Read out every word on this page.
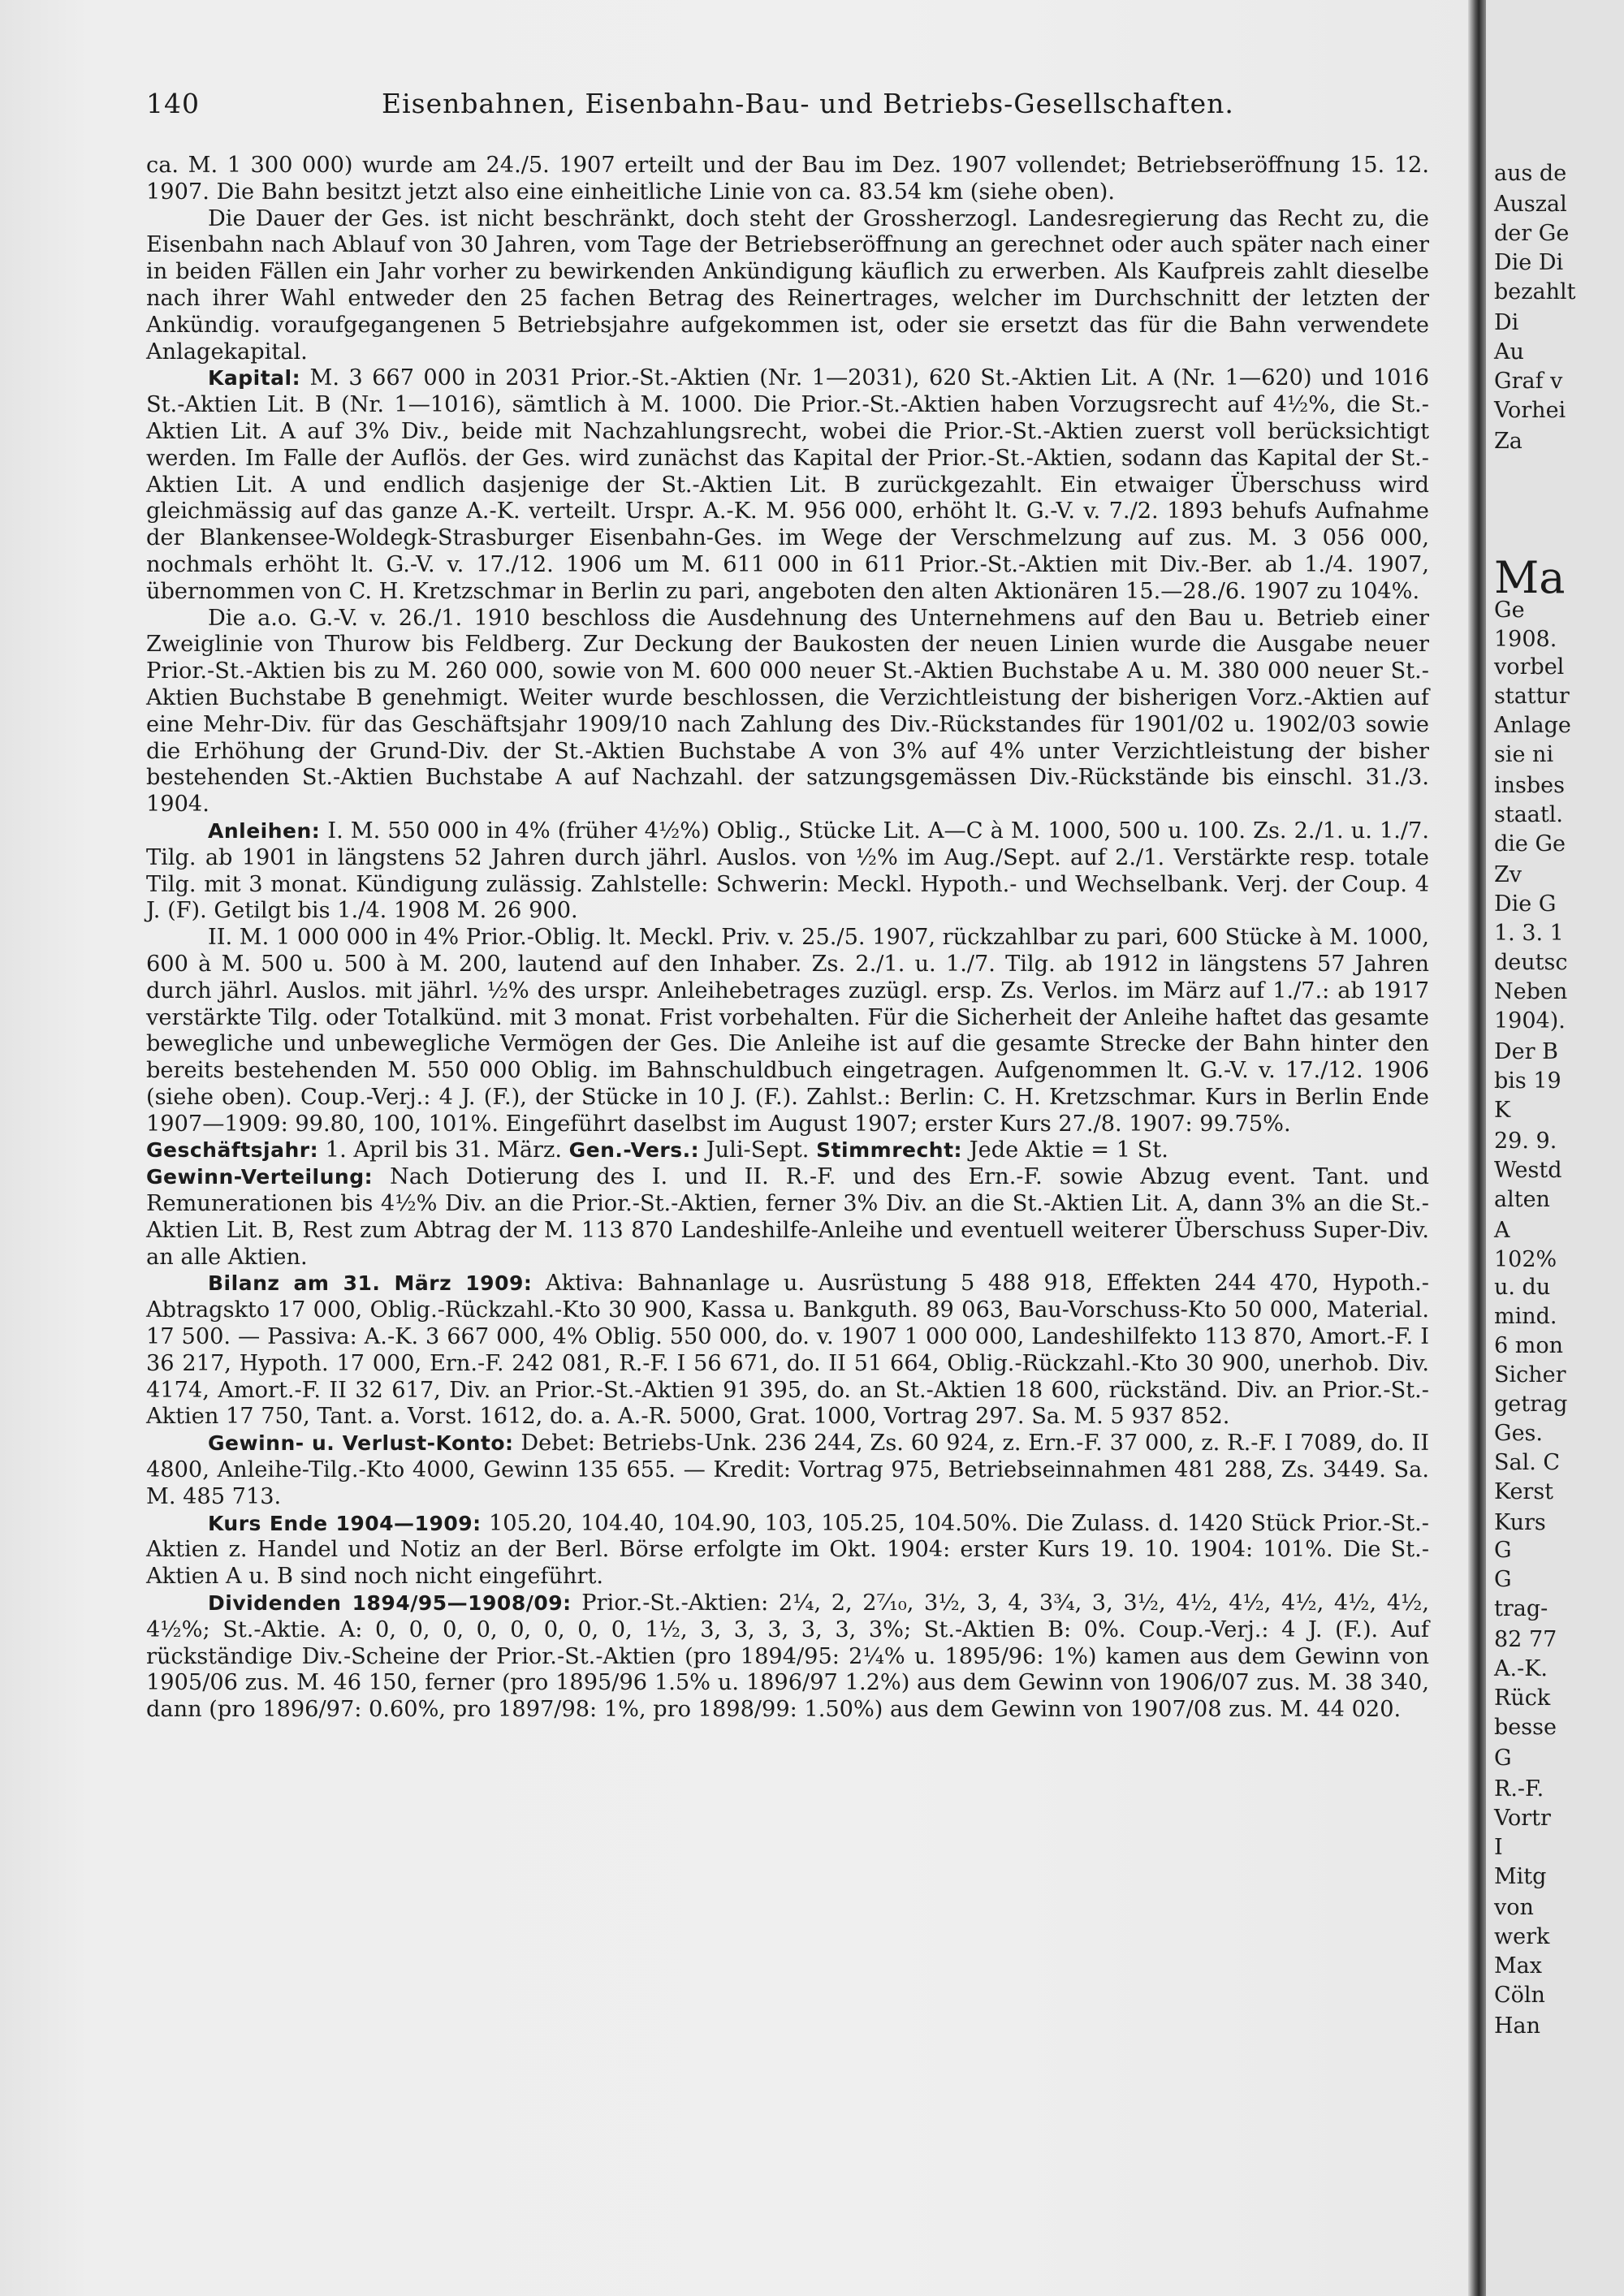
140	Eisenbahnen, Eisenbahn-Bau- und Betriebs-Gesellschaften.

ca. M. 1 300 000) wurde am 24./5. 1907 erteilt und der Bau im Dez. 1907 vollendet; Betriebseröffnung 15. 12. 1907. Die Bahn besitzt jetzt also eine einheitliche Linie von ca. 83.54 km (siehe oben).

Die Dauer der Ges. ist nicht beschränkt, doch steht der Grossherzogl. Landesregierung das Recht zu, die Eisenbahn nach Ablauf von 30 Jahren, vom Tage der Betriebseröffnung an gerechnet oder auch später nach einer in beiden Fällen ein Jahr vorher zu bewirkenden Ankündigung käuflich zu erwerben. Als Kaufpreis zahlt dieselbe nach ihrer Wahl entweder den 25 fachen Betrag des Reinertrages, welcher im Durchschnitt der letzten der Ankündig. voraufgegangenen 5 Betriebsjahre aufgekommen ist, oder sie ersetzt das für die Bahn verwendete Anlagekapital.

Kapital: M. 3 667 000 in 2031 Prior.-St.-Aktien (Nr. 1—2031), 620 St.-Aktien Lit. A (Nr. 1—620) und 1016 St.-Aktien Lit. B (Nr. 1—1016), sämtlich à M. 1000. Die Prior.-St.-Aktien haben Vorzugsrecht auf 4½%, die St.-Aktien Lit. A auf 3% Div., beide mit Nachzahlungsrecht, wobei die Prior.-St.-Aktien zuerst voll berücksichtigt werden. Im Falle der Auflös. der Ges. wird zunächst das Kapital der Prior.-St.-Aktien, sodann das Kapital der St.-Aktien Lit. A und endlich dasjenige der St.-Aktien Lit. B zurückgezahlt. Ein etwaiger Überschuss wird gleichmässig auf das ganze A.-K. verteilt. Urspr. A.-K. M. 956 000, erhöht lt. G.-V. v. 7./2. 1893 behufs Aufnahme der Blankensee-Woldegk-Strasburger Eisenbahn-Ges. im Wege der Verschmelzung auf zus. M. 3 056 000, nochmals erhöht lt. G.-V. v. 17./12. 1906 um M. 611 000 in 611 Prior.-St.-Aktien mit Div.-Ber. ab 1./4. 1907, übernommen von C. H. Kretzschmar in Berlin zu pari, angeboten den alten Aktionären 15.—28./6. 1907 zu 104%.

Die a.o. G.-V. v. 26./1. 1910 beschloss die Ausdehnung des Unternehmens auf den Bau u. Betrieb einer Zweiglinie von Thurow bis Feldberg. Zur Deckung der Baukosten der neuen Linien wurde die Ausgabe neuer Prior.-St.-Aktien bis zu M. 260 000, sowie von M. 600 000 neuer St.-Aktien Buchstabe A u. M. 380 000 neuer St.-Aktien Buchstabe B genehmigt. Weiter wurde beschlossen, die Verzichtleistung der bisherigen Vorz.-Aktien auf eine Mehr-Div. für das Geschäftsjahr 1909/10 nach Zahlung des Div.-Rückstandes für 1901/02 u. 1902/03 sowie die Erhöhung der Grund-Div. der St.-Aktien Buchstabe A von 3% auf 4% unter Verzichtleistung der bisher bestehenden St.-Aktien Buchstabe A auf Nachzahl. der satzungsgemässen Div.-Rückstände bis einschl. 31./3. 1904.

Anleihen: I. M. 550 000 in 4% (früher 4½%) Oblig., Stücke Lit. A—C à M. 1000, 500 u. 100. Zs. 2./1. u. 1./7. Tilg. ab 1901 in längstens 52 Jahren durch jährl. Auslos. von ½% im Aug./Sept. auf 2./1. Verstärkte resp. totale Tilg. mit 3 monat. Kündigung zulässig. Zahlstelle: Schwerin: Meckl. Hypoth.- und Wechselbank. Verj. der Coup. 4 J. (F). Getilgt bis 1./4. 1908 M. 26 900.

II. M. 1 000 000 in 4% Prior.-Oblig. lt. Meckl. Priv. v. 25./5. 1907, rückzahlbar zu pari, 600 Stücke à M. 1000, 600 à M. 500 u. 500 à M. 200, lautend auf den Inhaber. Zs. 2./1. u. 1./7. Tilg. ab 1912 in längstens 57 Jahren durch jährl. Auslos. mit jährl. ½% des urspr. Anleihebetrages zuzügl. ersp. Zs. Verlos. im März auf 1./7.: ab 1917 verstärkte Tilg. oder Totalkünd. mit 3 monat. Frist vorbehalten. Für die Sicherheit der Anleihe haftet das gesamte bewegliche und unbewegliche Vermögen der Ges. Die Anleihe ist auf die gesamte Strecke der Bahn hinter den bereits bestehenden M. 550 000 Oblig. im Bahnschuldbuch eingetragen. Aufgenommen lt. G.-V. v. 17./12. 1906 (siehe oben). Coup.-Verj.: 4 J. (F.), der Stücke in 10 J. (F.). Zahlst.: Berlin: C. H. Kretzschmar. Kurs in Berlin Ende 1907—1909: 99.80, 100, 101%. Eingeführt daselbst im August 1907; erster Kurs 27./8. 1907: 99.75%.

Geschäftsjahr: 1. April bis 31. März. Gen.-Vers.: Juli-Sept. Stimmrecht: Jede Aktie = 1 St.

Gewinn-Verteilung: Nach Dotierung des I. und II. R.-F. und des Ern.-F. sowie Abzug event. Tant. und Remunerationen bis 4½% Div. an die Prior.-St.-Aktien, ferner 3% Div. an die St.-Aktien Lit. A, dann 3% an die St.-Aktien Lit. B, Rest zum Abtrag der M. 113 870 Landeshilfe-Anleihe und eventuell weiterer Überschuss Super-Div. an alle Aktien.

Bilanz am 31. März 1909: Aktiva: Bahnanlage u. Ausrüstung 5 488 918, Effekten 244 470, Hypoth.-Abtragskto 17 000, Oblig.-Rückzahl.-Kto 30 900, Kassa u. Bankguth. 89 063, Bau-Vorschuss-Kto 50 000, Material. 17 500. — Passiva: A.-K. 3 667 000, 4% Oblig. 550 000, do. v. 1907 1 000 000, Landeshilfekto 113 870, Amort.-F. I 36 217, Hypoth. 17 000, Ern.-F. 242 081, R.-F. I 56 671, do. II 51 664, Oblig.-Rückzahl.-Kto 30 900, unerhob. Div. 4174, Amort.-F. II 32 617, Div. an Prior.-St.-Aktien 91 395, do. an St.-Aktien 18 600, rückständ. Div. an Prior.-St.-Aktien 17 750, Tant. a. Vorst. 1612, do. a. A.-R. 5000, Grat. 1000, Vortrag 297. Sa. M. 5 937 852.

Gewinn- u. Verlust-Konto: Debet: Betriebs-Unk. 236 244, Zs. 60 924, z. Ern.-F. 37 000, z. R.-F. I 7089, do. II 4800, Anleihe-Tilg.-Kto 4000, Gewinn 135 655. — Kredit: Vortrag 975, Betriebseinnahmen 481 288, Zs. 3449. Sa. M. 485 713.

Kurs Ende 1904—1909: 105.20, 104.40, 104.90, 103, 105.25, 104.50%. Die Zulass. d. 1420 Stück Prior.-St.-Aktien z. Handel und Notiz an der Berl. Börse erfolgte im Okt. 1904: erster Kurs 19. 10. 1904: 101%. Die St.-Aktien A u. B sind noch nicht eingeführt.

Dividenden 1894/95—1908/09: Prior.-St.-Aktien: 2¼, 2, 2⁷⁄₁₀, 3½, 3, 4, 3¾, 3, 3½, 4½, 4½, 4½, 4½, 4½, 4½%; St.-Aktie. A: 0, 0, 0, 0, 0, 0, 0, 0, 1½, 3, 3, 3, 3, 3, 3%; St.-Aktien B: 0%. Coup.-Verj.: 4 J. (F.). Auf rückständige Div.-Scheine der Prior.-St.-Aktien (pro 1894/95: 2¼% u. 1895/96: 1%) kamen aus dem Gewinn von 1905/06 zus. M. 46 150, ferner (pro 1895/96 1.5% u. 1896/97 1.2%) aus dem Gewinn von 1906/07 zus. M. 38 340, dann (pro 1896/97: 0.60%, pro 1897/98: 1%, pro 1898/99: 1.50%) aus dem Gewinn von 1907/08 zus. M. 44 020.

aus de
Auszal
der Ge
Die Di
bezahlt
Di
Au
Graf v
Vorhei
Za
Ma
Ge
1908.
vorbel
stattur
Anlage
sie ni
insbes
staatl.
die Ge
Zv
Die G
1. 3. 1
deutsc
Neben
1904).
Der B
bis 19
K
29. 9.
Westd
alten
A
102%
u. du
mind.
6 mon
Sicher
getrag
Ges.
Sal. C
Kerst
Kurs
G
G
trag-
82 77
A.-K.
Rück
besse
G
R.-F.
Vortr
I
Mitg
von
werk
Max
Cöln
Han
